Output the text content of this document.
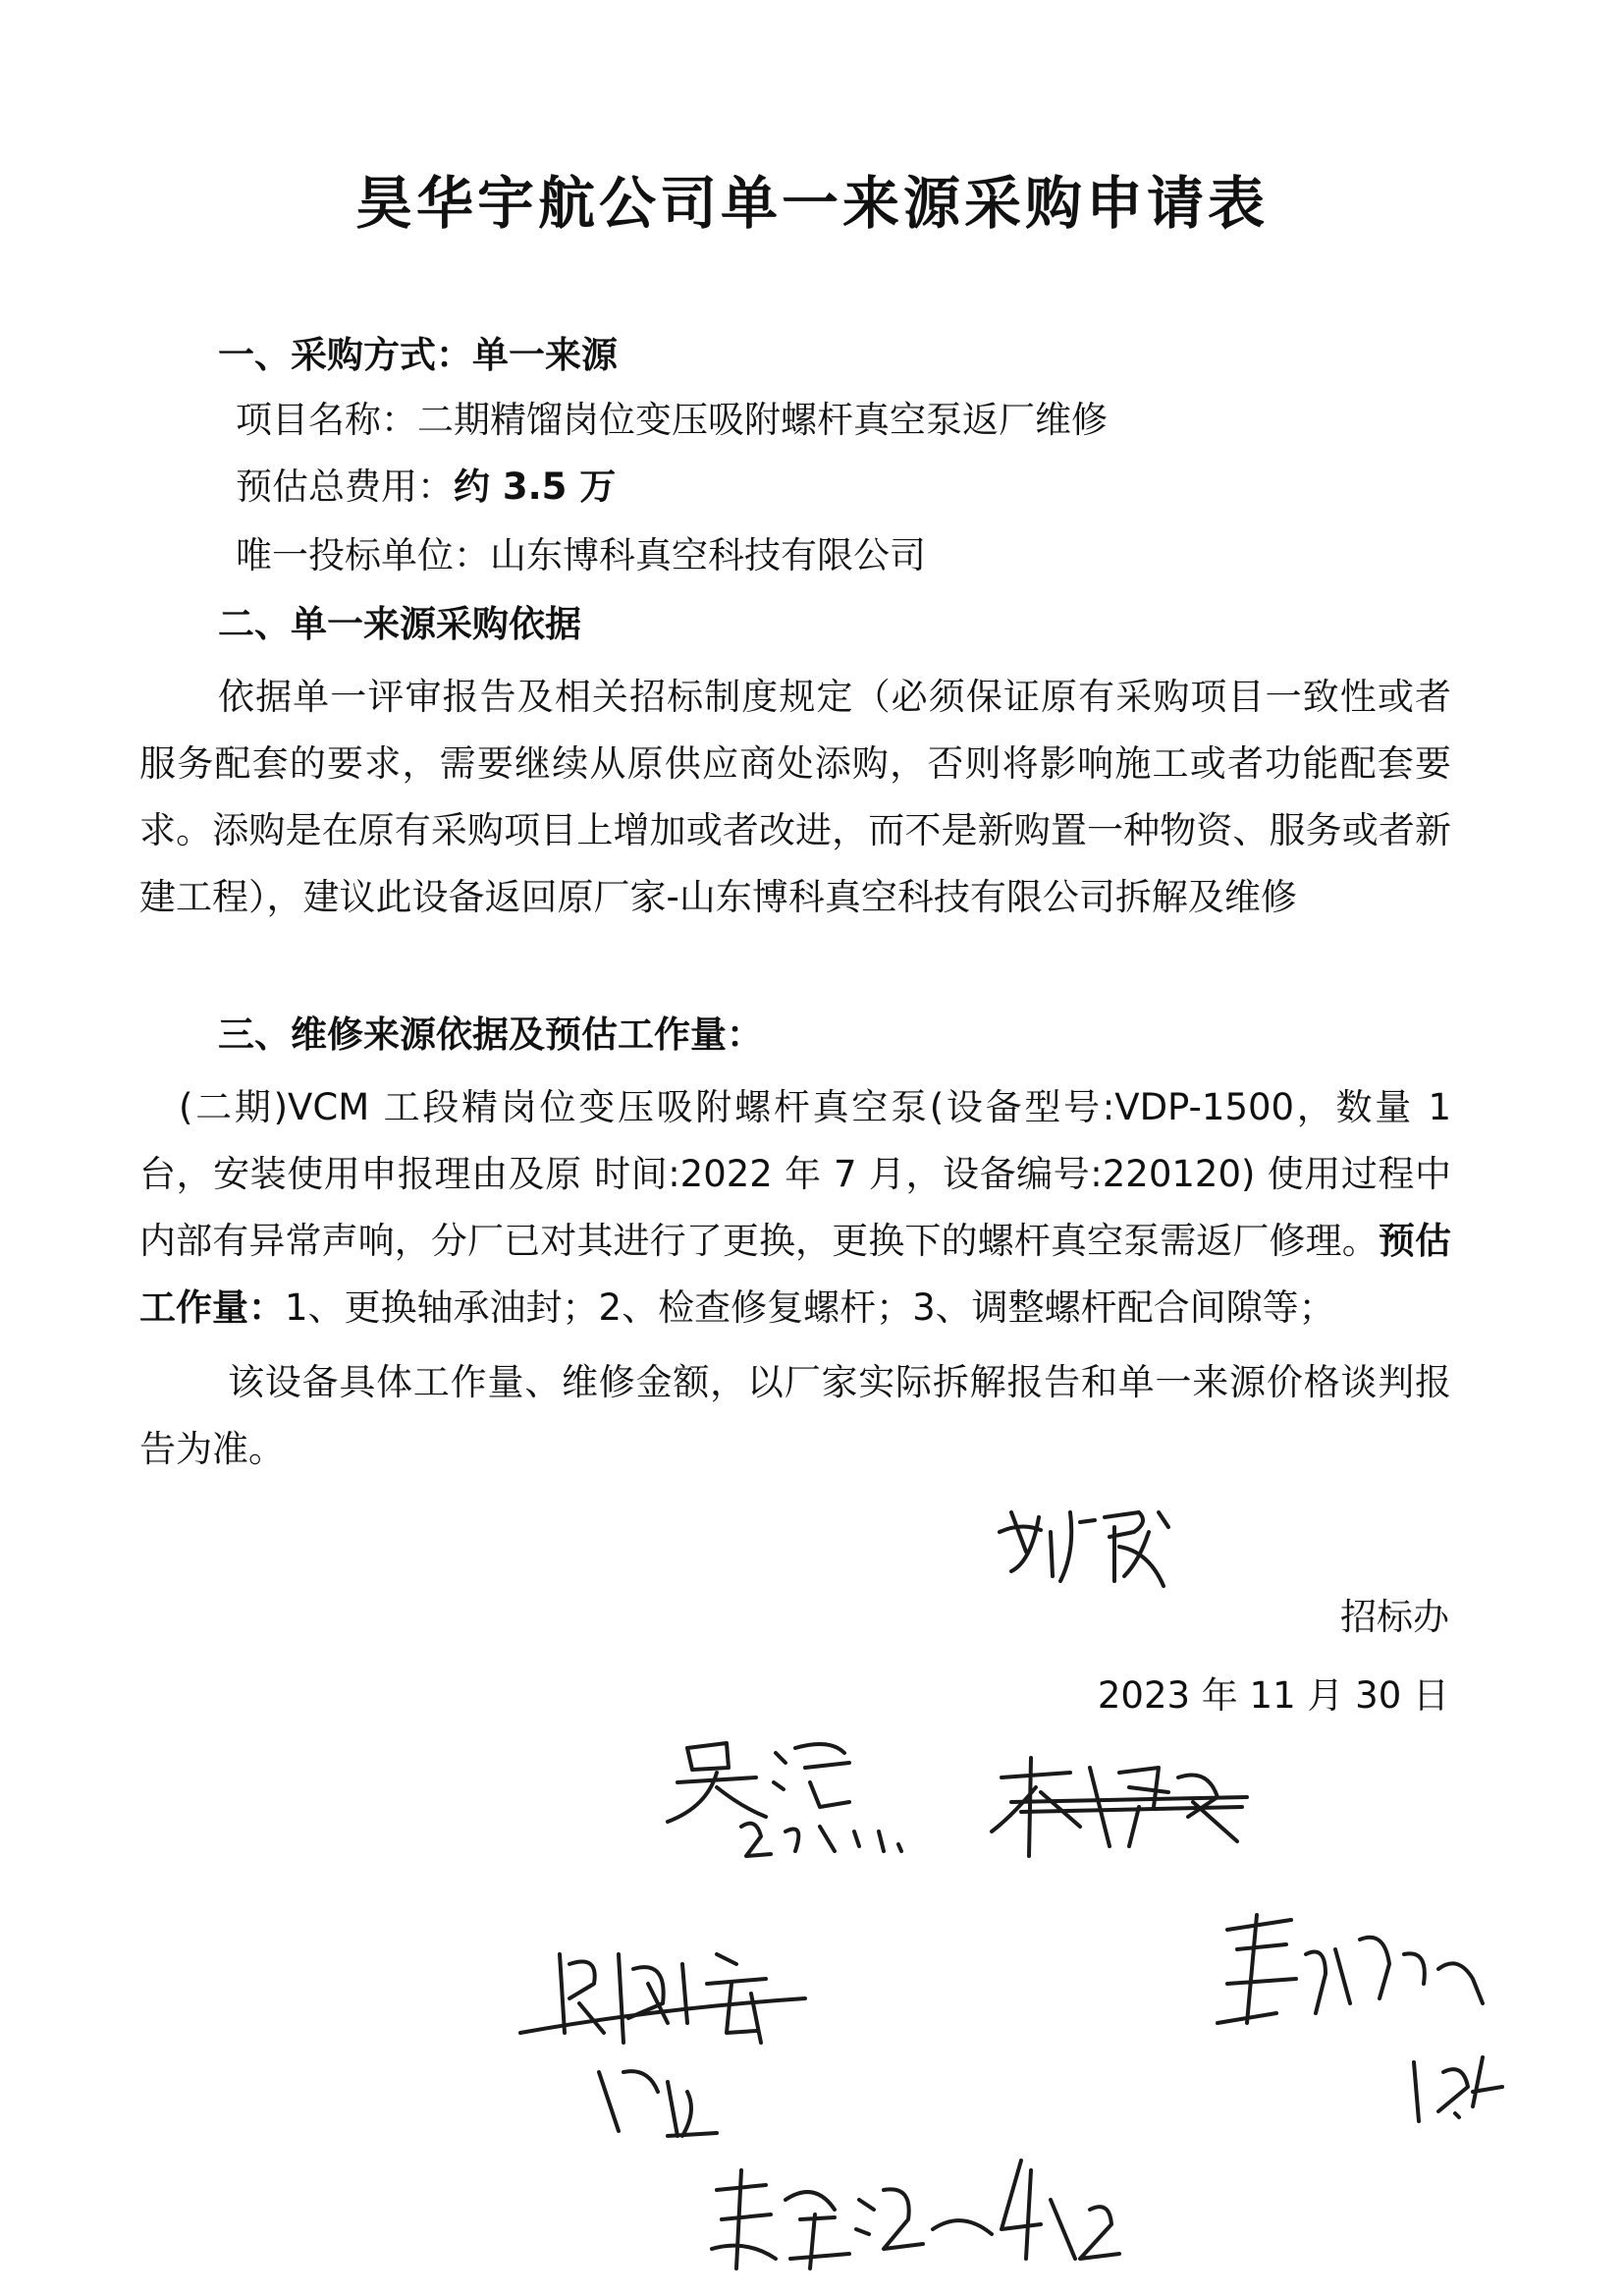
昊华宇航公司单一来源采购申请表
一、采购方式：单一来源
项目名称：二期精馏岗位变压吸附螺杆真空泵返厂维修
预估总费用：约 3.5 万
唯一投标单位：山东博科真空科技有限公司
二、单一来源采购依据
依据单一评审报告及相关招标制度规定（必须保证原有采购项目一致性或者服务配套的要求，需要继续从原供应商处添购，否则将影响施工或者功能配套要求。添购是在原有采购项目上增加或者改进，而不是新购置一种物资、服务或者新建工程），建议此设备返回原厂家-山东博科真空科技有限公司拆解及维修
三、维修来源依据及预估工作量：
(二期)VCM 工段精岗位变压吸附螺杆真空泵(设备型号:VDP-1500，数量 1 台，安装使用申报理由及原 时间:2022 年 7 月，设备编号:220120) 使用过程中内部有异常声响，分厂已对其进行了更换，更换下的螺杆真空泵需返厂修理。预估工作量：1、更换轴承油封；2、检查修复螺杆；3、调整螺杆配合间隙等；
该设备具体工作量、维修金额，以厂家实际拆解报告和单一来源价格谈判报告为准。
招标办
2023 年 11 月 30 日
